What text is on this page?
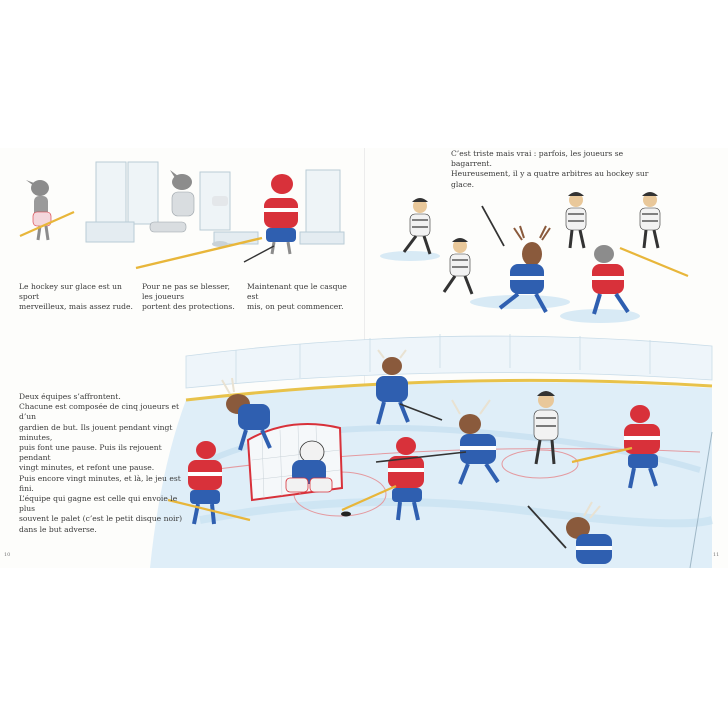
Le hockey sur glace est un sport
merveilleux, mais assez rude.
Pour ne pas se blesser, les joueurs
portent des protections.
Maintenant que le casque est
mis, on peut commencer.
C’est triste mais vrai : parfois, les joueurs se bagarrent.
Heureusement, il y a quatre arbitres au hockey sur glace.
Deux équipes s’affrontent.
Chacune est composée de cinq joueurs et d’un
gardien de but. Ils jouent pendant vingt minutes,
puis font une pause. Puis ils rejouent pendant
vingt minutes, et refont une pause.
Puis encore vingt minutes, et là, le jeu est fini.
L’équipe qui gagne est celle qui envoie le plus
souvent le palet (c’est le petit disque noir)
dans le but adverse.
10	11
